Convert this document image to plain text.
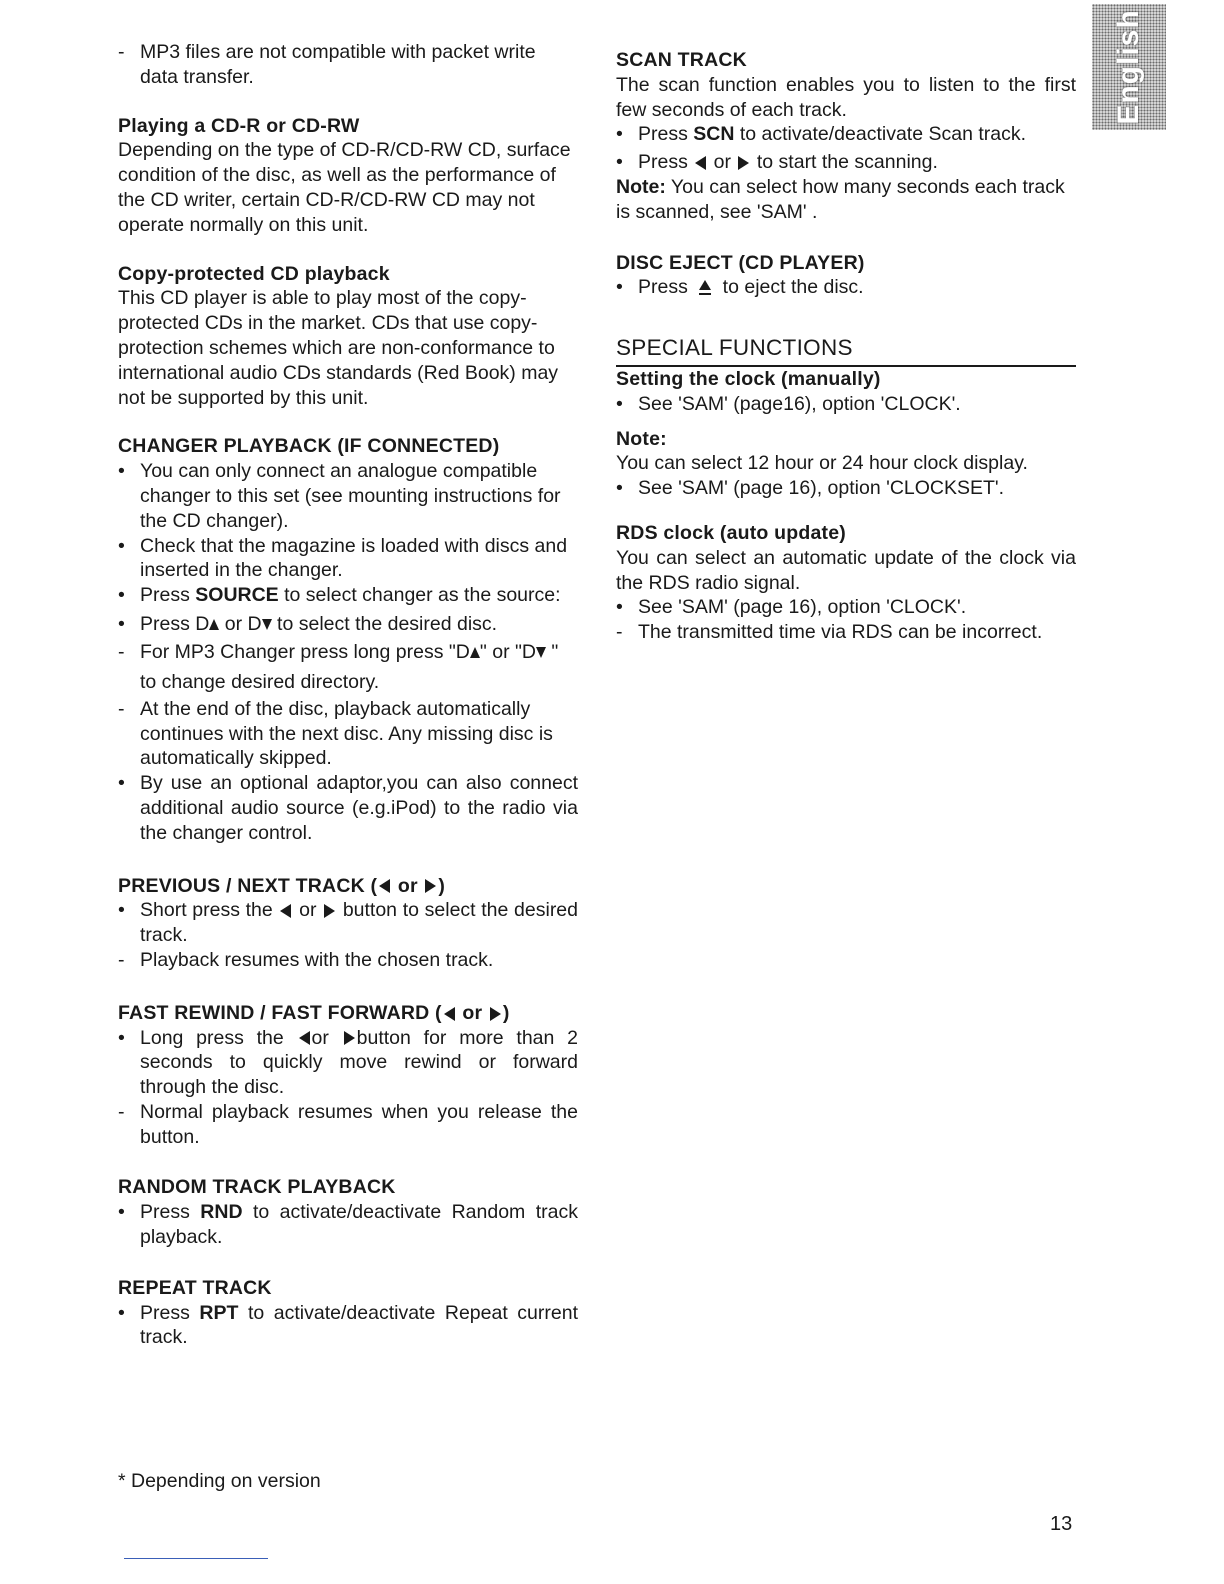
English
- MP3 files are not compatible with packet write data transfer.

Playing a CD-R or CD-RW

Depending on the type of CD-R/CD-RW CD, surface condition of the disc, as well as the performance of the CD writer, certain CD-R/CD-RW CD may not operate normally on this unit.

Copy-protected CD playback

This CD player is able to play most of the copy-protected CDs in the market. CDs that use copy-protection schemes which are non-conformance to international audio CDs standards (Red Book) may not be supported by this unit.

CHANGER PLAYBACK (IF CONNECTED)

• You can only connect an analogue compatible changer to this set (see mounting instructions for the CD changer).
• Check that the magazine is loaded with discs and inserted in the changer.
• Press SOURCE to select changer as the source:
• Press D or D to select the desired disc.
- For MP3 Changer press long press "D " or "D " to change desired directory.
- At the end of the disc, playback automatically continues with the next disc. Any missing disc is automatically skipped.
• By use an optional adaptor,you can also connect additional audio source (e.g.iPod) to the radio via the changer control.

PREVIOUS / NEXT TRACK ( or )

• Short press the  or  button to select the desired track.
- Playback resumes with the chosen track.

FAST REWIND / FAST FORWARD ( or )

• Long press the or button for more than 2 seconds to quickly move rewind or forward through the disc.
- Normal playback resumes when you release the button.

RANDOM TRACK PLAYBACK

• Press RND to activate/deactivate Random track playback.

REPEAT TRACK

• Press RPT to activate/deactivate Repeat current track.

SCAN TRACK

The scan function enables you to listen to the first few seconds of each track.

• Press SCN to activate/deactivate Scan track.
• Press  or  to start the scanning.

Note: You can select how many seconds each track is scanned, see 'SAM' .

DISC EJECT (CD PLAYER)

• Press  to eject the disc.

SPECIAL FUNCTIONS

Setting the clock (manually)

• See 'SAM' (page16), option 'CLOCK'.

Note:

You can select 12 hour or 24 hour clock display.

• See 'SAM' (page 16), option 'CLOCKSET'.

RDS clock (auto update)

You can select an automatic update of the clock via the RDS radio signal.

• See 'SAM' (page 16), option 'CLOCK'.
- The transmitted time via RDS can be incorrect.
* Depending on version
13
